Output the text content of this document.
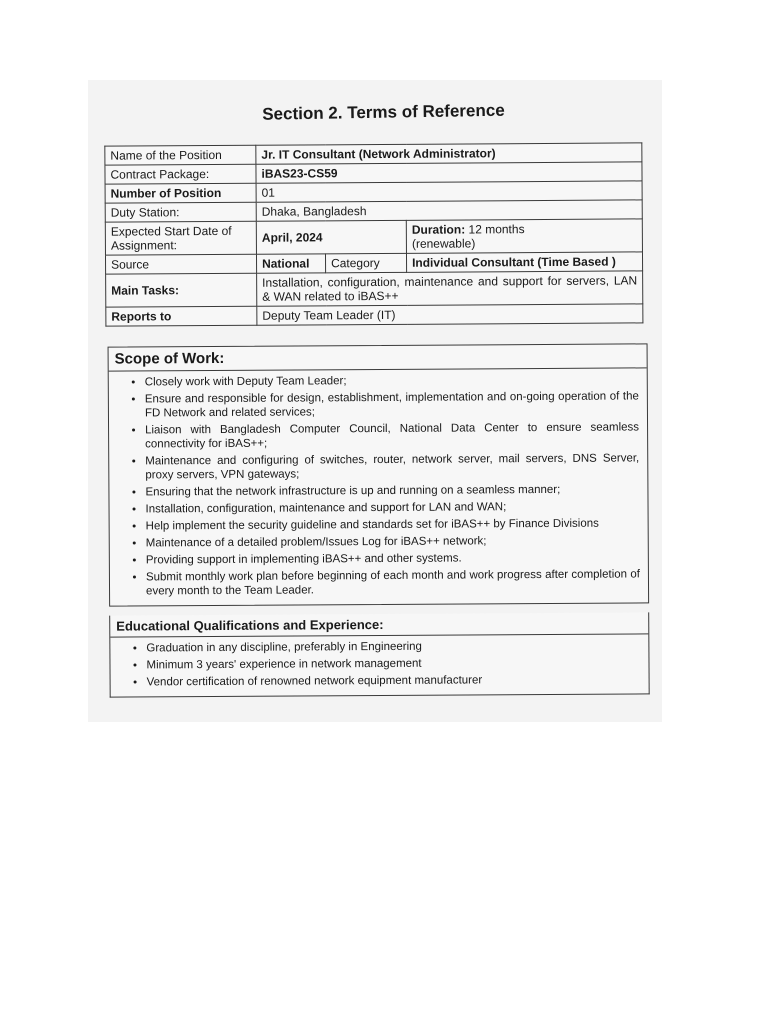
Section 2. Terms of Reference
Name of the Position	Jr. IT Consultant (Network Administrator)		
Contract Package:	iBAS23-CS59		
Number of Position	01		
Duty Station:	Dhaka, Bangladesh		
Expected Start Date of Assignment:	April, 2024		Duration: 12 months
(renewable)
Source	National	Category	Individual Consultant (Time Based )
Main Tasks:	Installation, configuration, maintenance and support for servers, LAN & WAN related to iBAS++		
Reports to	Deputy Team Leader (IT)		
Scope of Work:
• Closely work with Deputy Team Leader;
• Ensure and responsible for design, establishment, implementation and on-going operation of the FD Network and related services;
• Liaison with Bangladesh Computer Council, National Data Center to ensure seamless connectivity for iBAS++;
• Maintenance and configuring of switches, router, network server, mail servers, DNS Server, proxy servers, VPN gateways;
• Ensuring that the network infrastructure is up and running on a seamless manner;
• Installation, configuration, maintenance and support for LAN and WAN;
• Help implement the security guideline and standards set for iBAS++ by Finance Divisions
• Maintenance of a detailed problem/Issues Log for iBAS++ network;
• Providing support in implementing iBAS++ and other systems.
• Submit monthly work plan before beginning of each month and work progress after completion of every month to the Team Leader.
Educational Qualifications and Experience:
• Graduation in any discipline, preferably in Engineering
• Minimum 3 years' experience in network management
• Vendor certification of renowned network equipment manufacturer
